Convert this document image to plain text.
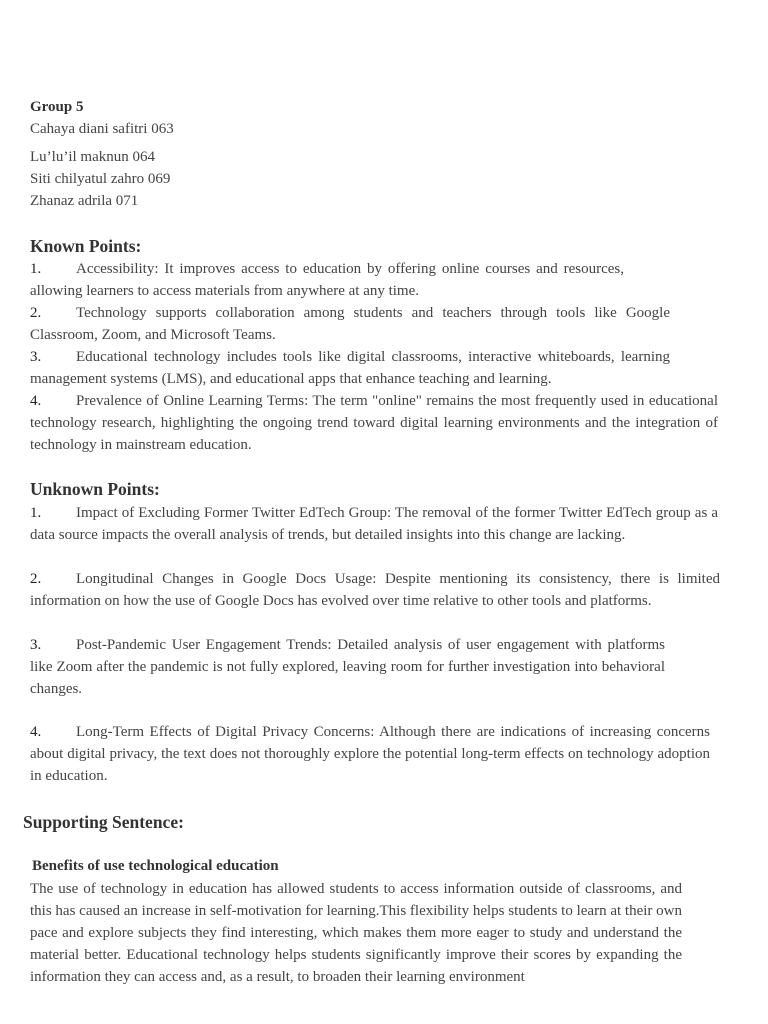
Group 5
Cahaya diani safitri 063
Lu’lu’il maknun 064
Siti chilyatul zahro 069
Zhanaz adrila 071
Known Points:
1. Accessibility: It improves access to education by offering online courses and resources, allowing learners to access materials from anywhere at any time.
2. Technology supports collaboration among students and teachers through tools like Google Classroom, Zoom, and Microsoft Teams.
3. Educational technology includes tools like digital classrooms, interactive whiteboards, learning management systems (LMS), and educational apps that enhance teaching and learning.
4. Prevalence of Online Learning Terms: The term "online" remains the most frequently used in educational technology research, highlighting the ongoing trend toward digital learning environments and the integration of technology in mainstream education.
Unknown Points:
1. Impact of Excluding Former Twitter EdTech Group: The removal of the former Twitter EdTech group as a data source impacts the overall analysis of trends, but detailed insights into this change are lacking.
2. Longitudinal Changes in Google Docs Usage: Despite mentioning its consistency, there is limited information on how the use of Google Docs has evolved over time relative to other tools and platforms.
3. Post-Pandemic User Engagement Trends: Detailed analysis of user engagement with platforms like Zoom after the pandemic is not fully explored, leaving room for further investigation into behavioral changes.
4. Long-Term Effects of Digital Privacy Concerns: Although there are indications of increasing concerns about digital privacy, the text does not thoroughly explore the potential long-term effects on technology adoption in education.
Supporting Sentence:
Benefits of use technological education
The use of technology in education has allowed students to access information outside of classrooms, and this has caused an increase in self-motivation for learning.This flexibility helps students to learn at their own pace and explore subjects they find interesting, which makes them more eager to study and understand the material better. Educational technology helps students significantly improve their scores by expanding the information they can access and, as a result, to broaden their learning environment
